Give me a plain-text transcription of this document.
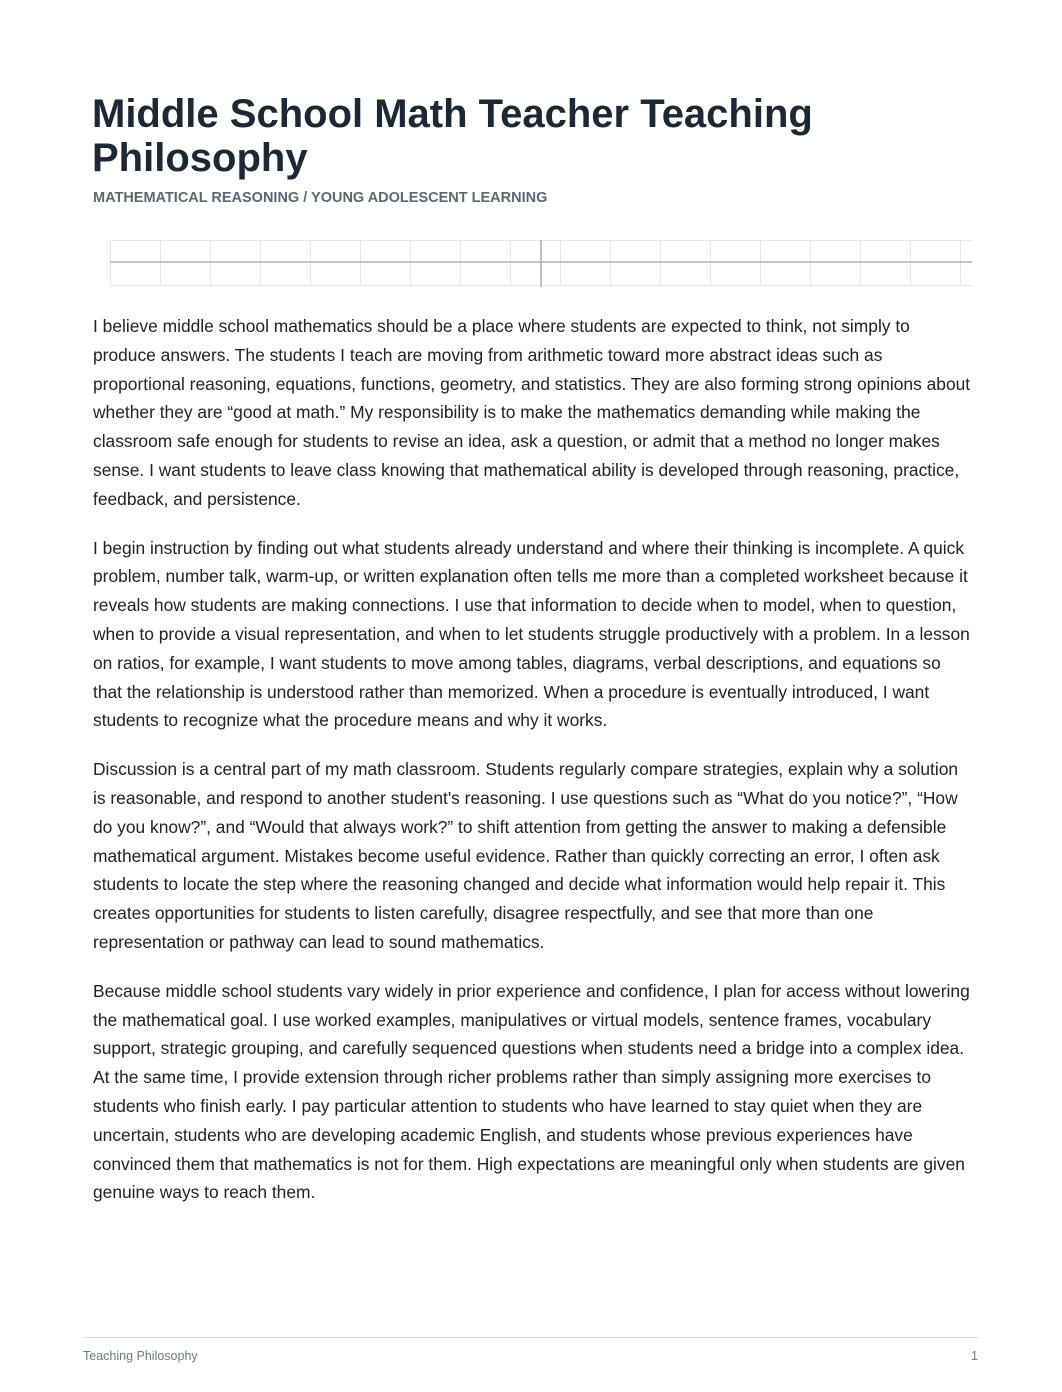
Middle School Math Teacher Teaching Philosophy
MATHEMATICAL REASONING / YOUNG ADOLESCENT LEARNING

I believe middle school mathematics should be a place where students are expected to think, not simply to produce answers. The students I teach are moving from arithmetic toward more abstract ideas such as proportional reasoning, equations, functions, geometry, and statistics. They are also forming strong opinions about whether they are “good at math.” My responsibility is to make the mathematics demanding while making the classroom safe enough for students to revise an idea, ask a question, or admit that a method no longer makes sense. I want students to leave class knowing that mathematical ability is developed through reasoning, practice, feedback, and persistence.

I begin instruction by finding out what students already understand and where their thinking is incomplete. A quick problem, number talk, warm-up, or written explanation often tells me more than a completed worksheet because it reveals how students are making connections. I use that information to decide when to model, when to question, when to provide a visual representation, and when to let students struggle productively with a problem. In a lesson on ratios, for example, I want students to move among tables, diagrams, verbal descriptions, and equations so that the relationship is understood rather than memorized. When a procedure is eventually introduced, I want students to recognize what the procedure means and why it works.

Discussion is a central part of my math classroom. Students regularly compare strategies, explain why a solution is reasonable, and respond to another student's reasoning. I use questions such as “What do you notice?”, “How do you know?”, and “Would that always work?” to shift attention from getting the answer to making a defensible mathematical argument. Mistakes become useful evidence. Rather than quickly correcting an error, I often ask students to locate the step where the reasoning changed and decide what information would help repair it. This creates opportunities for students to listen carefully, disagree respectfully, and see that more than one representation or pathway can lead to sound mathematics.

Because middle school students vary widely in prior experience and confidence, I plan for access without lowering the mathematical goal. I use worked examples, manipulatives or virtual models, sentence frames, vocabulary support, strategic grouping, and carefully sequenced questions when students need a bridge into a complex idea. At the same time, I provide extension through richer problems rather than simply assigning more exercises to students who finish early. I pay particular attention to students who have learned to stay quiet when they are uncertain, students who are developing academic English, and students whose previous experiences have convinced them that mathematics is not for them. High expectations are meaningful only when students are given genuine ways to reach them.

Teaching Philosophy	1
